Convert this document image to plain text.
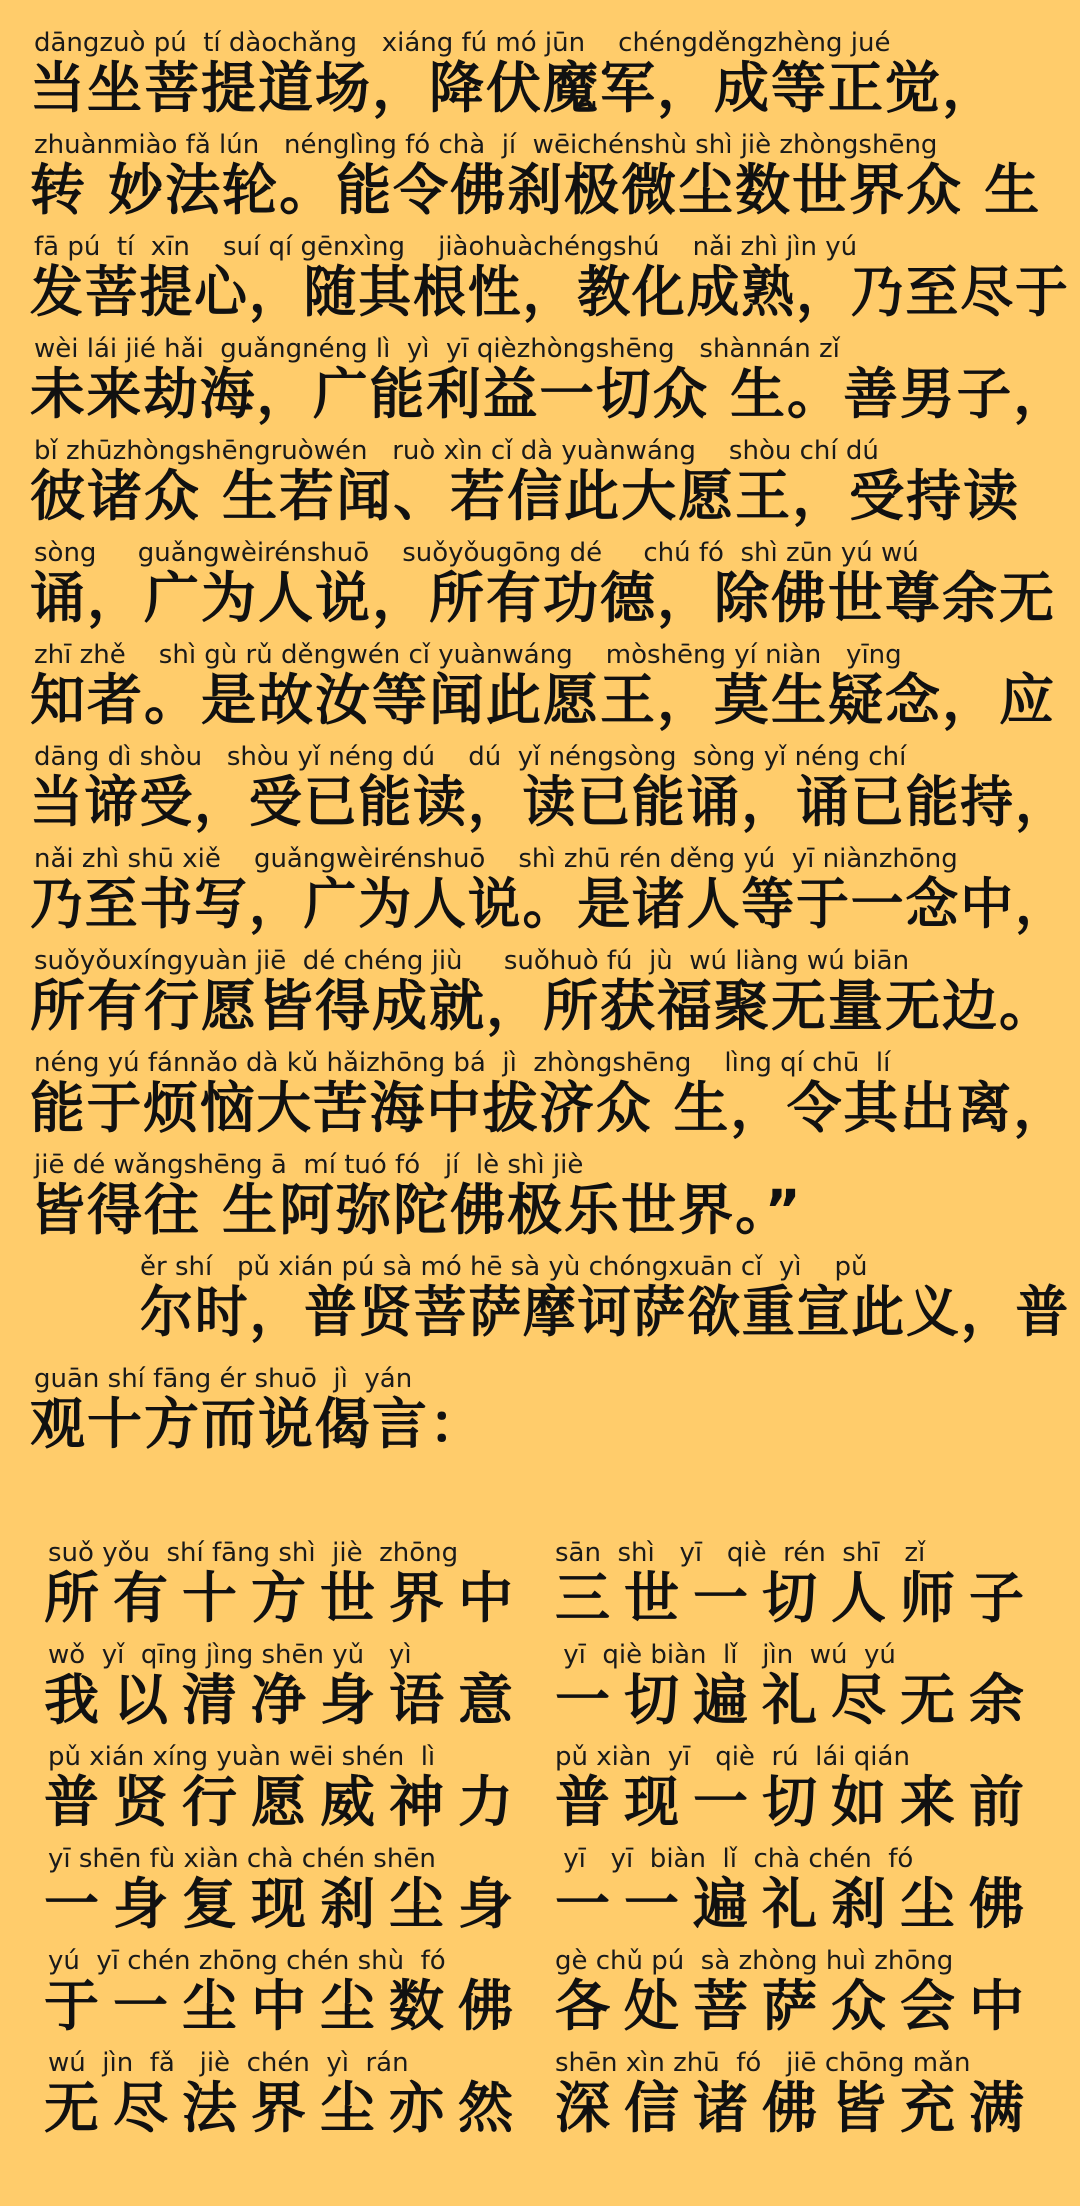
dāngzuò pú  tí dàochǎng   xiáng fú mó jūn    chéngděngzhèng jué
当坐菩提道场，降伏魔军，成等正觉，
zhuànmiào fǎ lún   nénglìng fó chà  jí  wēichénshù shì jiè zhòngshēng
转 妙法轮。能令佛刹极微尘数世界众 生
fā pú  tí  xīn    suí qí gēnxìng    jiàohuàchéngshú    nǎi zhì jìn yú
发菩提心，随其根性，教化成熟，乃至尽于
wèi lái jié hǎi  guǎngnéng lì  yì  yī qièzhòngshēng   shànnán zǐ
未来劫海，广能利益一切众 生。善男子，
bǐ zhūzhòngshēngruòwén   ruò xìn cǐ dà yuànwáng    shòu chí dú
彼诸众 生若闻、若信此大愿王，受持读
sòng     guǎngwèirénshuō    suǒyǒugōng dé     chú fó  shì zūn yú wú
诵，广为人说，所有功德，除佛世尊余无
zhī zhě    shì gù rǔ děngwén cǐ yuànwáng    mòshēng yí niàn   yīng
知者。是故汝等闻此愿王，莫生疑念，应
dāng dì shòu   shòu yǐ néng dú    dú  yǐ néngsòng  sòng yǐ néng chí
当谛受，受已能读，读已能诵，诵已能持，
nǎi zhì shū xiě    guǎngwèirénshuō    shì zhū rén děng yú  yī niànzhōng
乃至书写，广为人说。是诸人等于一念中，
suǒyǒuxíngyuàn jiē  dé chéng jiù     suǒhuò fú  jù  wú liàng wú biān
所有行愿皆得成就，所获福聚无量无边。
néng yú fánnǎo dà kǔ hǎizhōng bá  jì  zhòngshēng    lìng qí chū  lí
能于烦恼大苦海中拔济众 生，令其出离，
jiē dé wǎngshēng ā  mí tuó fó   jí  lè shì jiè
皆得往 生阿弥陀佛极乐世界。”
ěr shí   pǔ xián pú sà mó hē sà yù chóngxuān cǐ  yì    pǔ
尔时，普贤菩萨摩诃萨欲重宣此义，普
guān shí fāng ér shuō  jì  yán
观十方而说偈言：
suǒ yǒu  shí fāng shì  jiè  zhōng
所有十方世界中
sān  shì   yī   qiè  rén  shī   zǐ
三世一切人师子
wǒ  yǐ  qīng jìng shēn yǔ   yì
我以清净身语意
yī  qiè biàn  lǐ   jìn  wú  yú
一切遍礼尽无余
pǔ xián xíng yuàn wēi shén  lì
普贤行愿威神力
pǔ xiàn  yī   qiè  rú  lái qián
普现一切如来前
yī shēn fù xiàn chà chén shēn
一身复现刹尘身
yī   yī  biàn  lǐ  chà chén  fó
一一遍礼刹尘佛
yú  yī chén zhōng chén shù  fó
于一尘中尘数佛
gè chǔ pú  sà zhòng huì zhōng
各处菩萨众会中
wú  jìn  fǎ   jiè  chén  yì  rán
无尽法界尘亦然
shēn xìn zhū  fó   jiē chōng mǎn
深信诸佛皆充满
